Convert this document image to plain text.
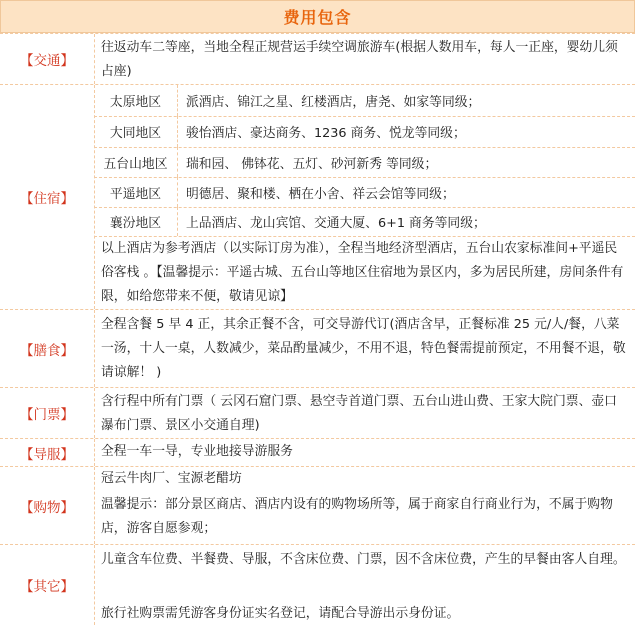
费用包含
【交通】
往返动车二等座，当地全程正规营运手续空调旅游车(根据人数用车，每人一正座，婴幼儿须占座)
【住宿】
太原地区	派酒店、锦江之星、红楼酒店，唐尧、如家等同级；
大同地区	骏怡酒店、豪达商务、1236 商务、悦龙等同级；
五台山地区	瑞和园、 佛钵花、五灯、砂河新秀 等同级；
平遥地区	明德居、聚和楼、栖在小舍、祥云会馆等同级；
襄汾地区	上品酒店、龙山宾馆、交通大厦、6+1 商务等同级；
以上酒店为参考酒店（以实际订房为准），全程当地经济型酒店，五台山农家标准间+平遥民俗客栈 。【温馨提示：平遥古城、五台山等地区住宿地为景区内，多为居民所建，房间条件有限，如给您带来不便，敬请见谅】
【膳食】
全程含餐 5 早 4 正，其余正餐不含，可交导游代订(酒店含早，正餐标准 25 元/人/餐，八菜一汤，十人一桌，人数减少，菜品酌量减少，不用不退，特色餐需提前预定，不用餐不退，敬请谅解！ )
【门票】
含行程中所有门票（ 云冈石窟门票、悬空寺首道门票、五台山进山费、王家大院门票、壶口瀑布门票、景区小交通自理)
【导服】	全程一车一导，专业地接导游服务
【购物】
冠云牛肉厂、宝源老醋坊
温馨提示：部分景区商店、酒店内设有的购物场所等，属于商家自行商业行为，不属于购物店，游客自愿参观；
【其它】
儿童含车位费、半餐费、导服，不含床位费、门票，因不含床位费，产生的早餐由客人自理。
旅行社购票需凭游客身份证实名登记，请配合导游出示身份证。
